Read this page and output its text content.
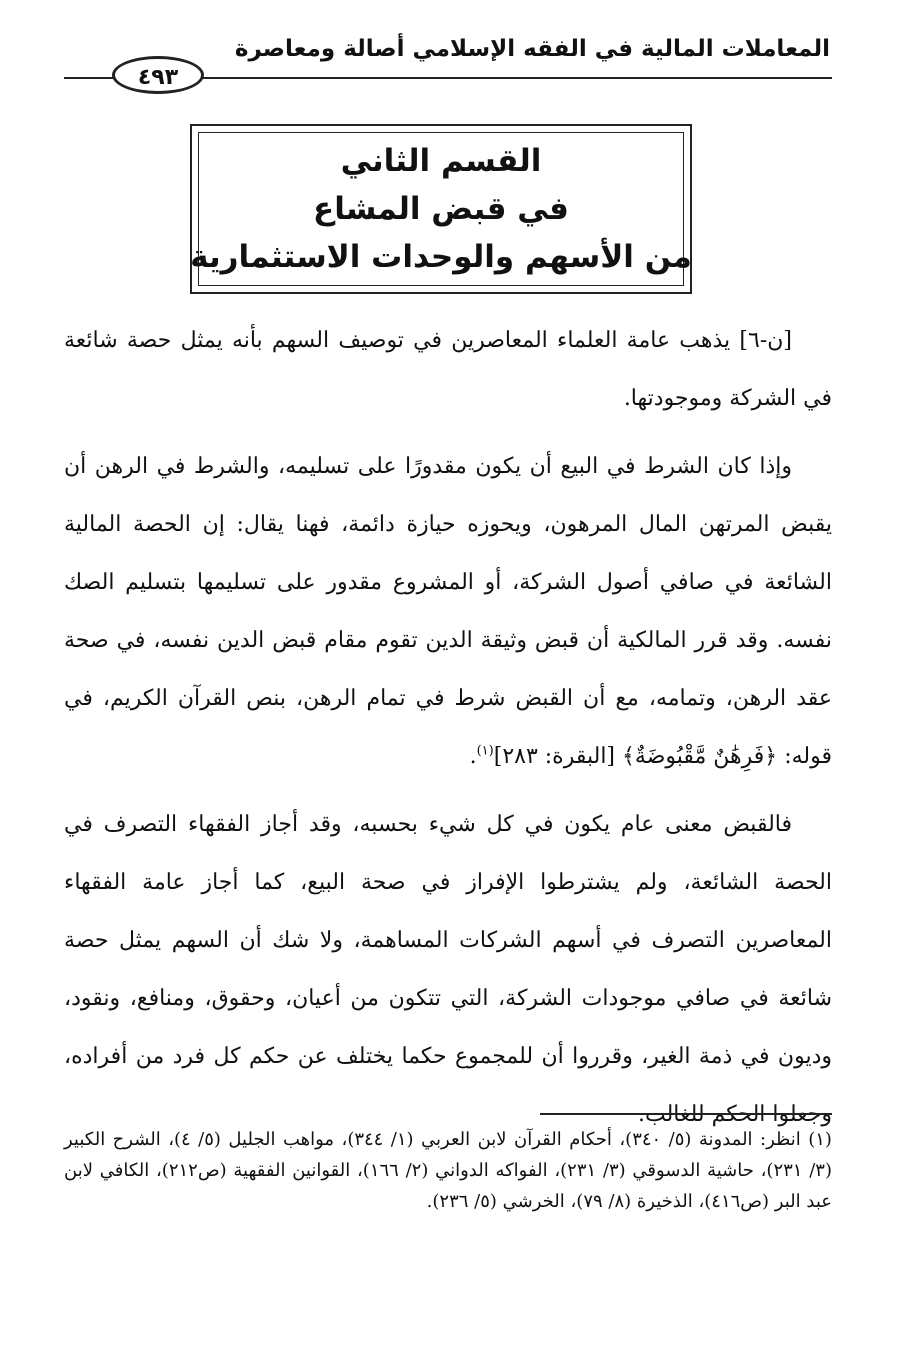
المعاملات المالية في الفقه الإسلامي أصالة ومعاصرة
٤٩٣
القسم الثاني
في قبض المشاع
من الأسهم والوحدات الاستثمارية

[ن-٦] يذهب عامة العلماء المعاصرين في توصيف السهم بأنه يمثل حصة شائعة في الشركة وموجودتها.

وإذا كان الشرط في البيع أن يكون مقدورًا على تسليمه، والشرط في الرهن أن يقبض المرتهن المال المرهون، ويحوزه حيازة دائمة، فهنا يقال: إن الحصة المالية الشائعة في صافي أصول الشركة، أو المشروع مقدور على تسليمها بتسليم الصك نفسه. وقد قرر المالكية أن قبض وثيقة الدين تقوم مقام قبض الدين نفسه، في صحة عقد الرهن، وتمامه، مع أن القبض شرط في تمام الرهن، بنص القرآن الكريم، في قوله: ﴿فَرِهَٰنٌ مَّقْبُوضَةٌ﴾ [البقرة: ٢٨٣]$^{(١)}$.

فالقبض معنى عام يكون في كل شيء بحسبه، وقد أجاز الفقهاء التصرف في الحصة الشائعة، ولم يشترطوا الإفراز في صحة البيع، كما أجاز عامة الفقهاء المعاصرين التصرف في أسهم الشركات المساهمة، ولا شك أن السهم يمثل حصة شائعة في صافي موجودات الشركة، التي تتكون من أعيان، وحقوق، ومنافع، ونقود، وديون في ذمة الغير، وقرروا أن للمجموع حكما يختلف عن حكم كل فرد من أفراده، وجعلوا الحكم للغالب.

(١) انظر: المدونة (٥/ ٣٤٠)، أحكام القرآن لابن العربي (١/ ٣٤٤)، مواهب الجليل (٥/ ٤)، الشرح الكبير (٣/ ٢٣١)، حاشية الدسوقي (٣/ ٢٣١)، الفواكه الدواني (٢/ ١٦٦)، القوانين الفقهية (ص٢١٢)، الكافي لابن عبد البر (ص٤١٦)، الذخيرة (٨/ ٧٩)، الخرشي (٥/ ٢٣٦).
